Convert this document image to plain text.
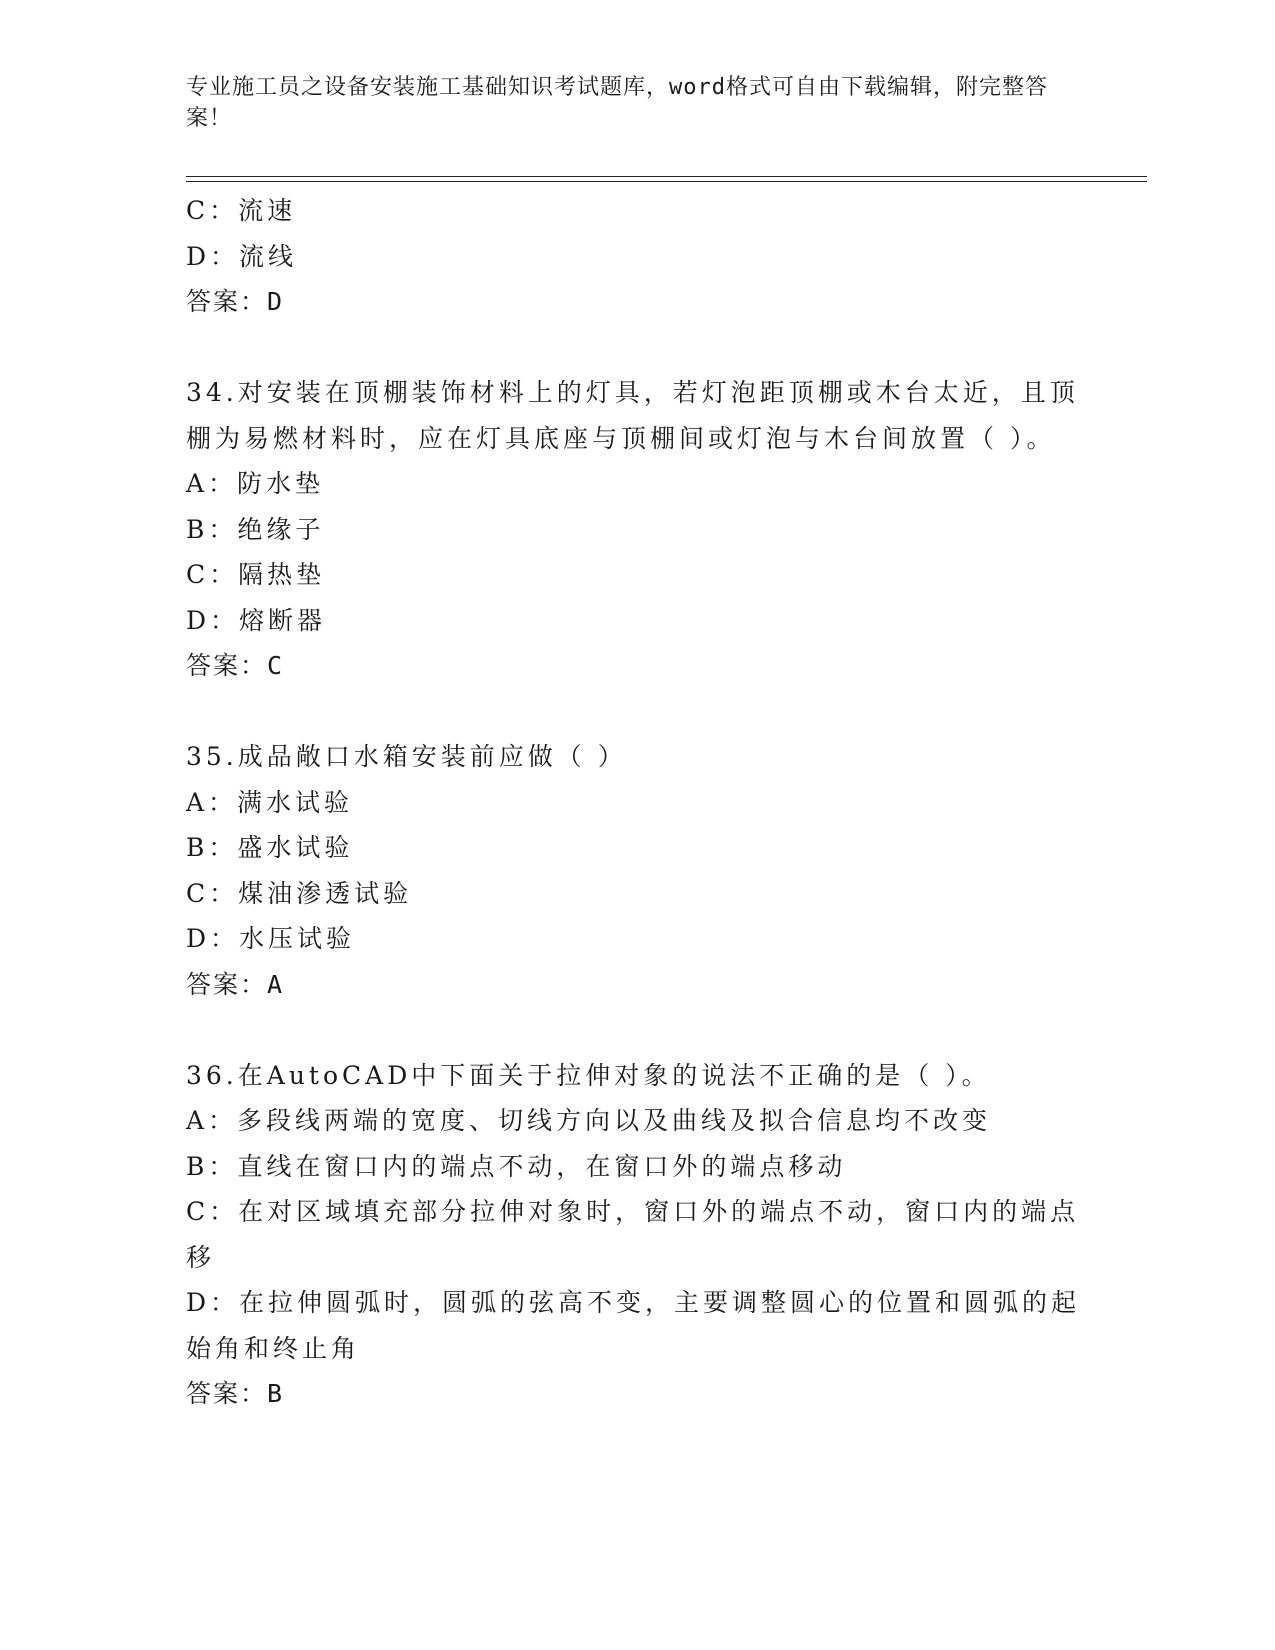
专业施工员之设备安装施工基础知识考试题库，word格式可自由下载编辑，附完整答案！
C：流速
D：流线
答案：D
34.对安装在顶棚装饰材料上的灯具，若灯泡距顶棚或木台太近，且顶
棚为易燃材料时，应在灯具底座与顶棚间或灯泡与木台间放置（ ）。
A：防水垫
B：绝缘子
C：隔热垫
D：熔断器
答案：C
35.成品敞口水箱安装前应做（ ）
A：满水试验
B：盛水试验
C：煤油渗透试验
D：水压试验
答案：A
36.在AutoCAD中下面关于拉伸对象的说法不正确的是（ ）。
A：多段线两端的宽度、切线方向以及曲线及拟合信息均不改变
B：直线在窗口内的端点不动，在窗口外的端点移动
C：在对区域填充部分拉伸对象时，窗口外的端点不动，窗口内的端点
移
D：在拉伸圆弧时，圆弧的弦高不变，主要调整圆心的位置和圆弧的起
始角和终止角
答案：B
